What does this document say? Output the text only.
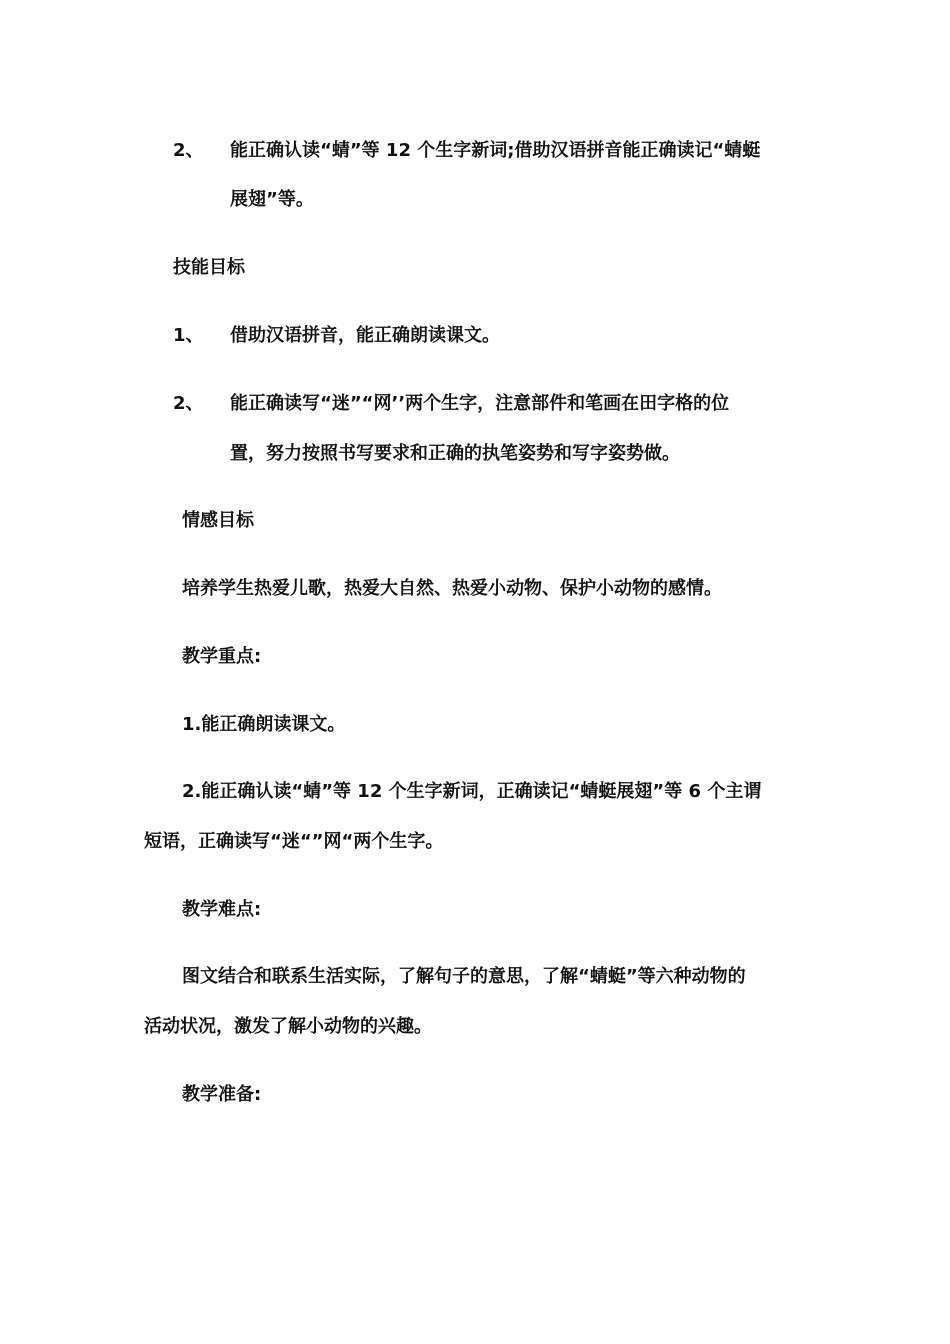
2、 能正确认读“蜻”等 12 个生字新词;借助汉语拼音能正确读记“蜻蜓
展翅”等。
技能目标
1、 借助汉语拼音，能正确朗读课文。
2、 能正确读写“迷”“网’’两个生字，注意部件和笔画在田字格的位
置，努力按照书写要求和正确的执笔姿势和写字姿势做。
情感目标
培养学生热爱儿歌，热爱大自然、热爱小动物、保护小动物的感情。
教学重点:
1.能正确朗读课文。
2.能正确认读“蜻”等 12 个生字新词，正确读记“蜻蜓展翅”等 6 个主谓
短语，正确读写“迷“”网“两个生字。
教学难点:
图文结合和联系生活实际，了解句子的意思，了解“蜻蜓”等六种动物的
活动状况，激发了解小动物的兴趣。
教学准备:
